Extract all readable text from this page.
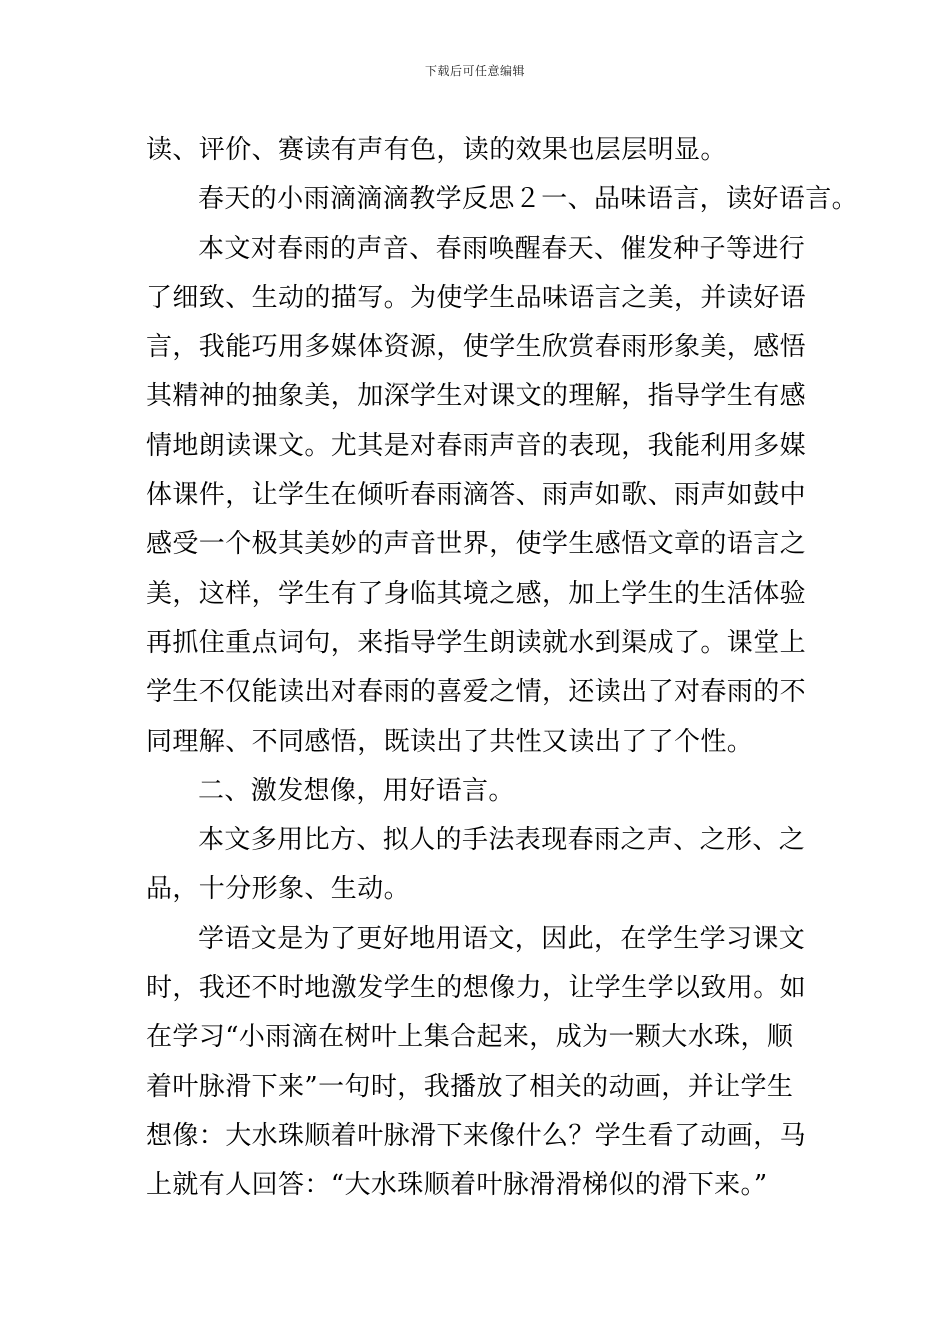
下载后可任意编辑
读、评价、赛读有声有色，读的效果也层层明显。
春天的小雨滴滴滴教学反思２一、品味语言，读好语言。
本文对春雨的声音、春雨唤醒春天、催发种子等进行
了细致、生动的描写。为使学生品味语言之美，并读好语
言，我能巧用多媒体资源，使学生欣赏春雨形象美，感悟
其精神的抽象美，加深学生对课文的理解，指导学生有感
情地朗读课文。尤其是对春雨声音的表现，我能利用多媒
体课件，让学生在倾听春雨滴答、雨声如歌、雨声如鼓中
感受一个极其美妙的声音世界，使学生感悟文章的语言之
美，这样，学生有了身临其境之感，加上学生的生活体验
再抓住重点词句，来指导学生朗读就水到渠成了。课堂上
学生不仅能读出对春雨的喜爱之情，还读出了对春雨的不
同理解、不同感悟，既读出了共性又读出了了个性。
二、激发想像，用好语言。
本文多用比方、拟人的手法表现春雨之声、之形、之
品，十分形象、生动。
学语文是为了更好地用语文，因此，在学生学习课文
时，我还不时地激发学生的想像力，让学生学以致用。如
在学习“小雨滴在树叶上集合起来，成为一颗大水珠，顺
着叶脉滑下来”一句时，我播放了相关的动画，并让学生
想像：大水珠顺着叶脉滑下来像什么？学生看了动画，马
上就有人回答：“大水珠顺着叶脉滑滑梯似的滑下来。”
